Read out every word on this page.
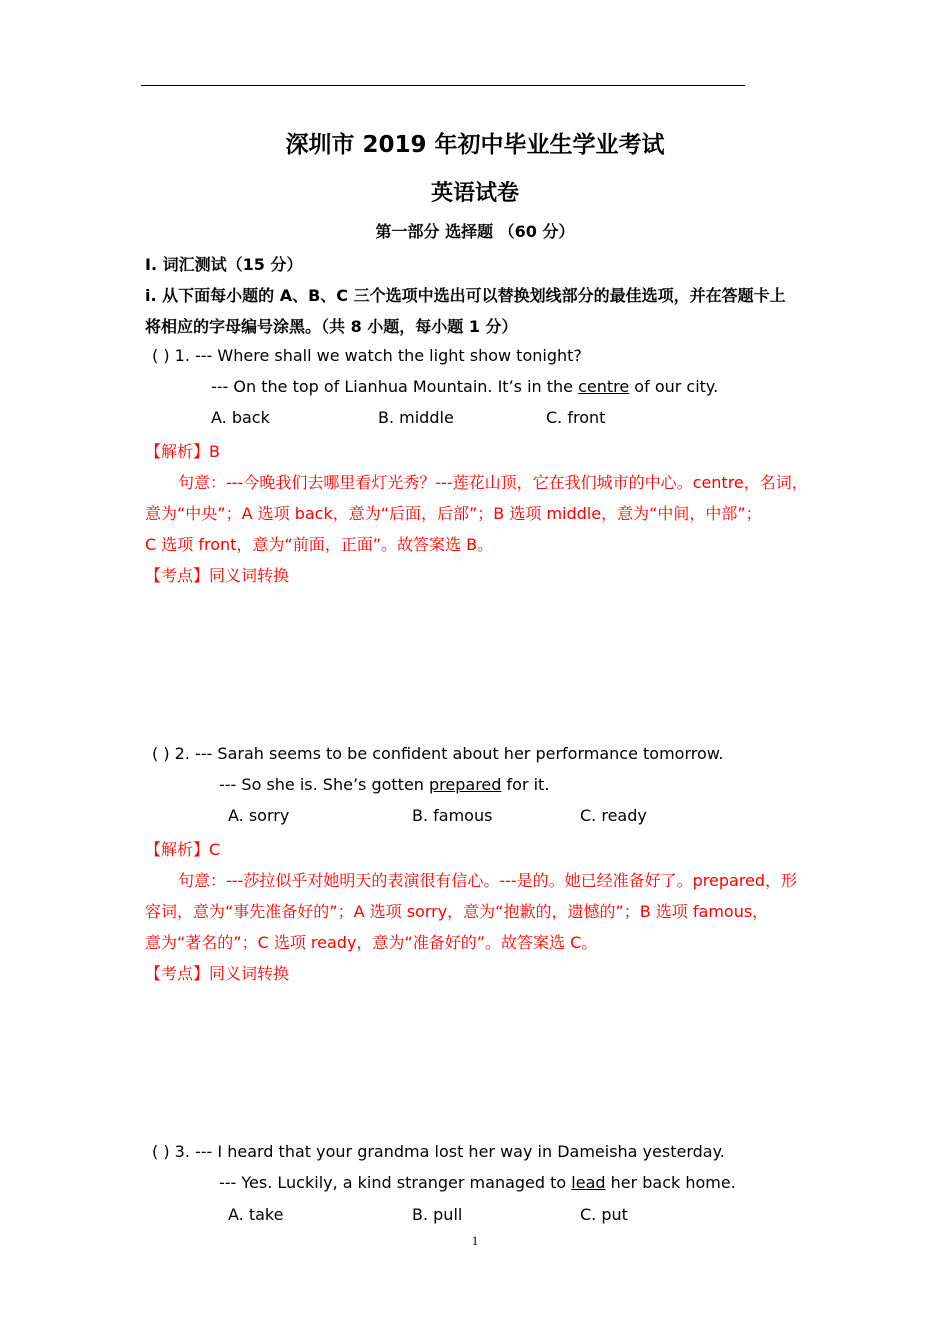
深圳市 2019 年初中毕业生学业考试
英语试卷
第一部分 选择题 （60 分）
I. 词汇测试（15 分）
i. 从下面每小题的 A、B、C 三个选项中选出可以替换划线部分的最佳选项，并在答题卡上
将相应的字母编号涂黑。（共 8 小题，每小题 1 分）
( ) 1. --- Where shall we watch the light show tonight?
--- On the top of Lianhua Mountain. It’s in the centre of our city.
A. back	B. middle	C. front
【解析】B
句意：---今晚我们去哪里看灯光秀？---莲花山顶，它在我们城市的中心。centre，名词，
意为“中央”；A 选项 back，意为“后面，后部”；B 选项 middle，意为“中间，中部”；
C 选项 front，意为“前面，正面”。故答案选 B。
【考点】同义词转换
( ) 2. --- Sarah seems to be confident about her performance tomorrow.
--- So she is. She’s gotten prepared for it.
A. sorry	B. famous	C. ready
【解析】C
句意：---莎拉似乎对她明天的表演很有信心。---是的。她已经准备好了。prepared，形
容词，意为“事先准备好的”；A 选项 sorry，意为“抱歉的，遗憾的”；B 选项 famous，
意为“著名的”；C 选项 ready，意为“准备好的”。故答案选 C。
【考点】同义词转换
( ) 3. --- I heard that your grandma lost her way in Dameisha yesterday.
--- Yes. Luckily, a kind stranger managed to lead her back home.
A. take	B. pull	C. put
1
